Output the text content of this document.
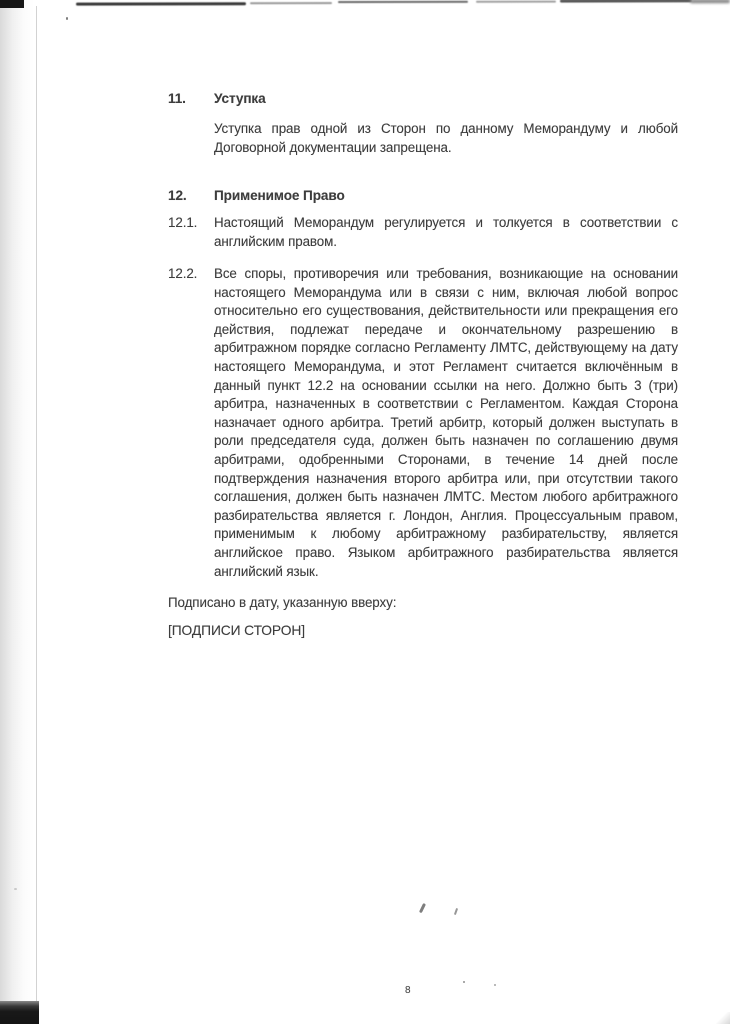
11.	Уступка

Уступка прав одной из Сторон по данному Меморандуму и любой Договорной документации запрещена.

12.	Применимое Право
12.1.	Настоящий Меморандум регулируется и толкуется в соответствии с английским правом.

12.2.	Все споры, противоречия или требования, возникающие на основании настоящего Меморандума или в связи с ним, включая любой вопрос относительно его существования, действительности или прекращения его действия, подлежат передаче и окончательному разрешению в арбитражном порядке согласно Регламенту ЛМТС, действующему на дату настоящего Меморандума, и этот Регламент считается включённым в данный пункт 12.2 на основании ссылки на него. Должно быть 3 (три) арбитра, назначенных в соответствии с Регламентом. Каждая Сторона назначает одного арбитра. Третий арбитр, который должен выступать в роли председателя суда, должен быть назначен по соглашению двумя арбитрами, одобренными Сторонами, в течение 14 дней после подтверждения назначения второго арбитра или, при отсутствии такого соглашения, должен быть назначен ЛМТС. Местом любого арбитражного разбирательства является г. Лондон, Англия. Процессуальным правом, применимым к любому арбитражному разбирательству, является английское право. Языком арбитражного разбирательства является английский язык.

Подписано в дату, указанную вверху:
[ПОДПИСИ СТОРОН]
8
